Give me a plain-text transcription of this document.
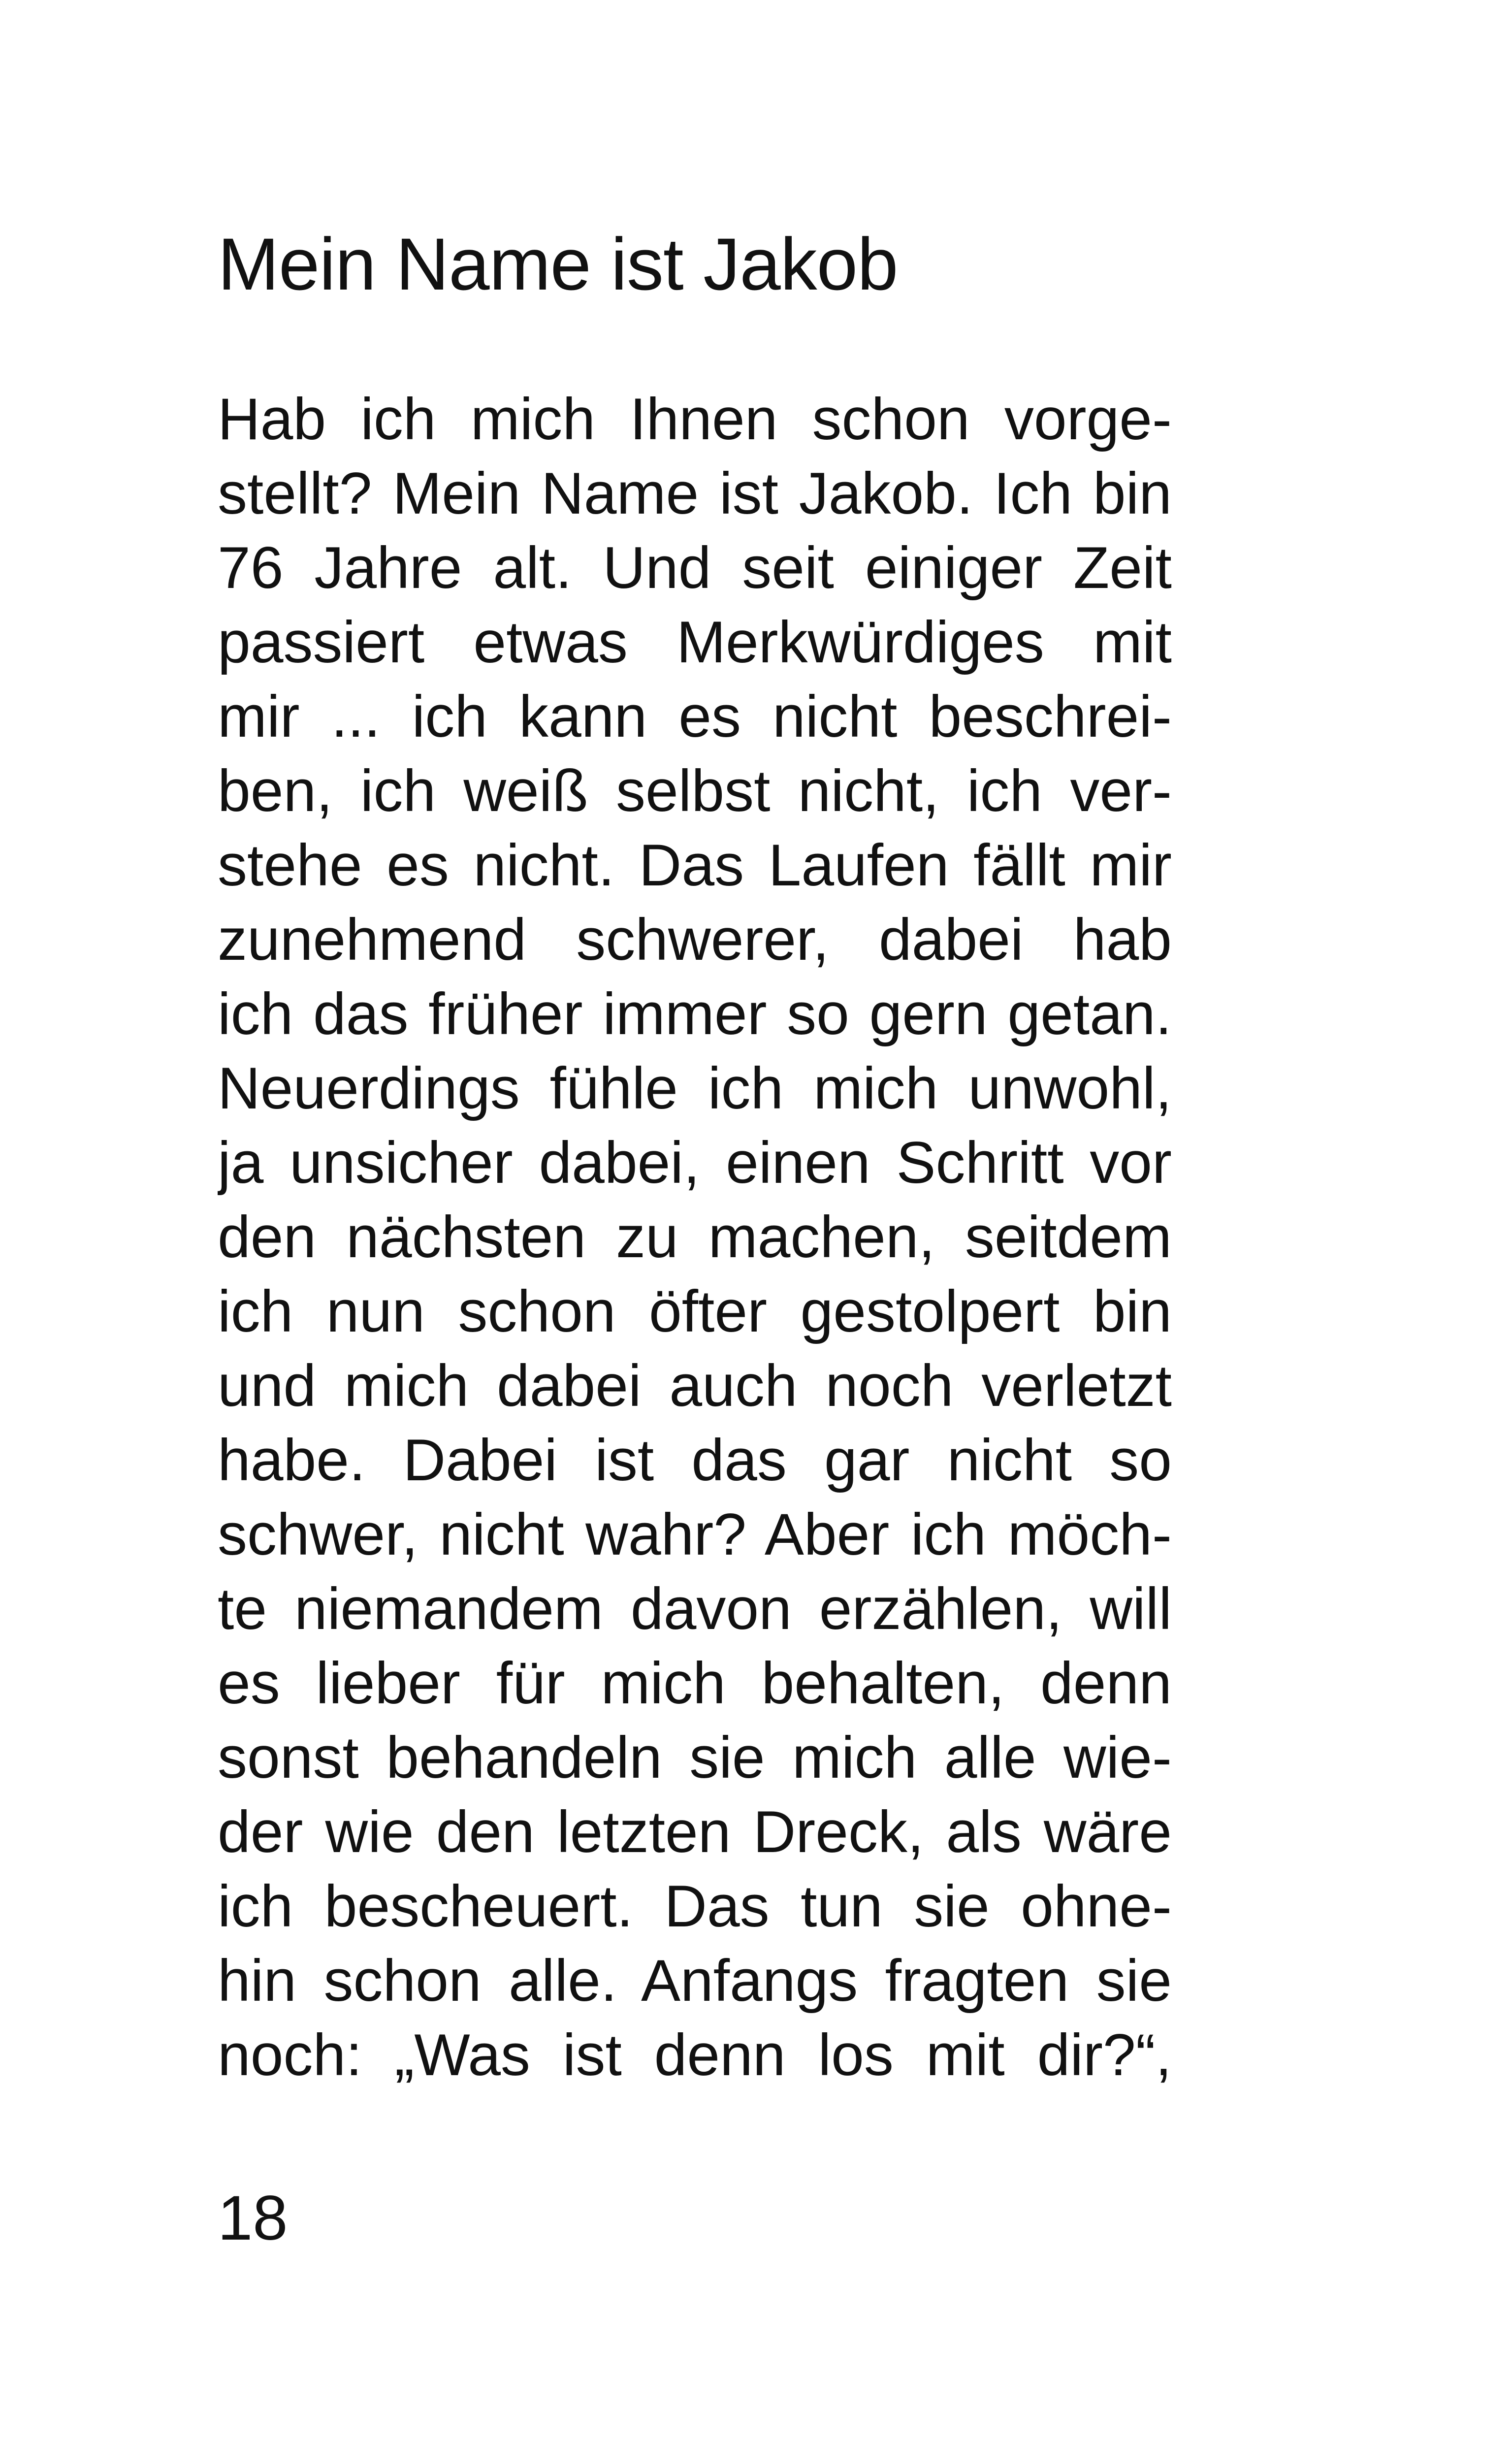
Mein Name ist Jakob
Hab ich mich Ihnen schon vorge-
stellt? Mein Name ist Jakob. Ich bin
76 Jahre alt. Und seit einiger Zeit
passiert etwas Merkwürdiges mit
mir ... ich kann es nicht beschrei-
ben, ich weiß selbst nicht, ich ver-
stehe es nicht. Das Laufen fällt mir
zunehmend schwerer, dabei hab
ich das früher immer so gern getan.
Neuerdings fühle ich mich unwohl,
ja unsicher dabei, einen Schritt vor
den nächsten zu machen, seitdem
ich nun schon öfter gestolpert bin
und mich dabei auch noch verletzt
habe. Dabei ist das gar nicht so
schwer, nicht wahr? Aber ich möch-
te niemandem davon erzählen, will
es lieber für mich behalten, denn
sonst behandeln sie mich alle wie-
der wie den letzten Dreck, als wäre
ich bescheuert. Das tun sie ohne-
hin schon alle. Anfangs fragten sie
noch: „Was ist denn los mit dir?“,
18
